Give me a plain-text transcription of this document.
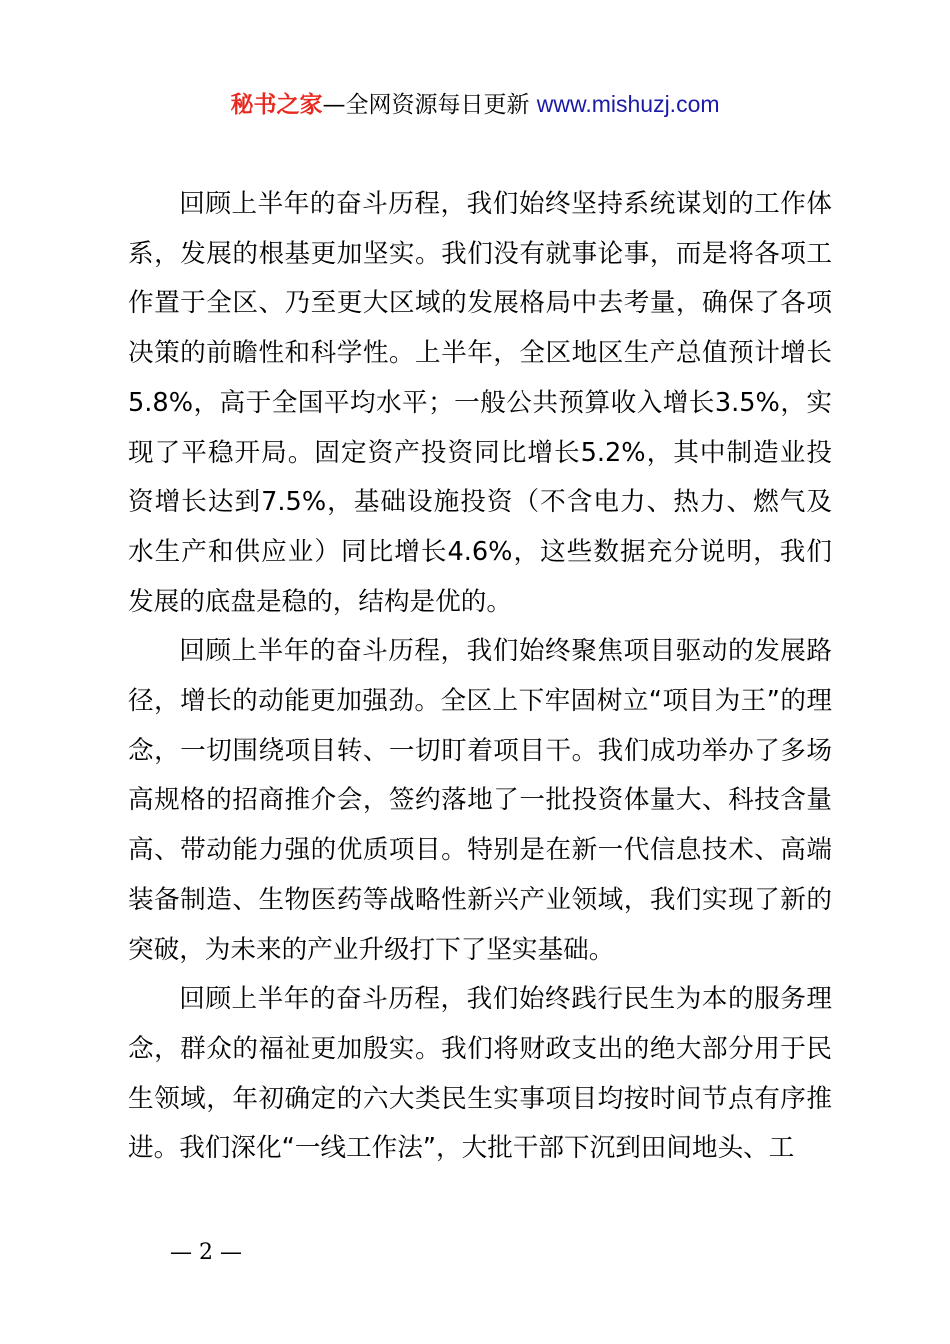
秘书之家—全网资源每日更新 www.mishuzj.com

回顾上半年的奋斗历程，我们始终坚持系统谋划的工作体系，发展的根基更加坚实。我们没有就事论事，而是将各项工作置于全区、乃至更大区域的发展格局中去考量，确保了各项决策的前瞻性和科学性。上半年，全区地区生产总值预计增长5.8%，高于全国平均水平；一般公共预算收入增长3.5%，实现了平稳开局。固定资产投资同比增长5.2%，其中制造业投资增长达到7.5%，基础设施投资（不含电力、热力、燃气及水生产和供应业）同比增长4.6%，这些数据充分说明，我们发展的底盘是稳的，结构是优的。

回顾上半年的奋斗历程，我们始终聚焦项目驱动的发展路径，增长的动能更加强劲。全区上下牢固树立“项目为王”的理念，一切围绕项目转、一切盯着项目干。我们成功举办了多场高规格的招商推介会，签约落地了一批投资体量大、科技含量高、带动能力强的优质项目。特别是在新一代信息技术、高端装备制造、生物医药等战略性新兴产业领域，我们实现了新的突破，为未来的产业升级打下了坚实基础。

回顾上半年的奋斗历程，我们始终践行民生为本的服务理念，群众的福祉更加殷实。我们将财政支出的绝大部分用于民生领域，年初确定的六大类民生实事项目均按时间节点有序推进。我们深化“一线工作法”，大批干部下沉到田间地头、工

— 2 —
